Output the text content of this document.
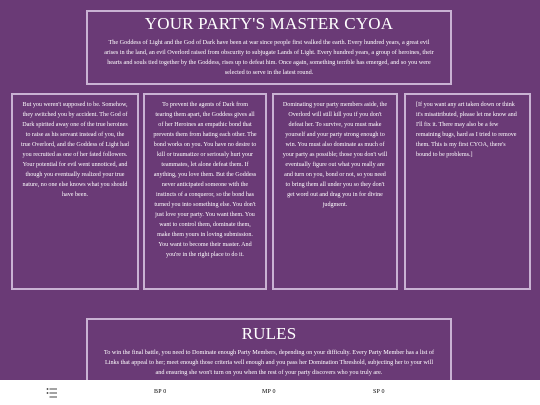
YOUR PARTY'S MASTER CYOA

The Goddess of Light and the God of Dark have been at war since people first walked the earth. Every hundred years, a great evil arises in the land, an evil Overlord raised from obscurity to subjugate Lands of Light. Every hundred years, a group of heroines, their hearts and souls tied together by the Goddess, rises up to defeat him. Once again, something terrible has emerged, and so you were selected to serve in the latest round.

But you weren't supposed to be. Somehow, they switched you by accident. The God of Dark spirited away one of the true heroines to raise as his servant instead of you, the true Overlord, and the Goddess of Light had you recruited as one of her fated followers. Your potential for evil went unnoticed, and though you eventually realized your true nature, no one else knows what you should have been.

To prevent the agents of Dark from tearing them apart, the Goddess gives all of her Heroines an empathic bond that prevents them from hating each other. The bond works on you. You have no desire to kill or traumatize or seriously hurt your teammates, let alone defeat them. If anything, you love them. But the Goddess never anticipated someone with the instincts of a conqueror, so the bond has turned you into something else. You don't just love your party. You want them. You want to control them, dominate them, make them yours in loving submission. You want to become their master. And you're in the right place to do it.

Dominating your party members aside, the Overlord will still kill you if you don't defeat her. To survive, you must make yourself and your party strong enough to win. You must also dominate as much of your party as possible; those you don't will eventually figure out what you really are and turn on you, bond or not, so you need to bring them all under you so they don't get word out and drag you in for divine judgment.

[If you want any art taken down or think it's misattributed, please let me know and I'll fix it. There may also be a few remaining bugs, hard as I tried to remove them. This is my first CYOA, there's bound to be problems.]

RULES

To win the final battle, you need to Dominate enough Party Members, depending on your difficulty. Every Party Member has a list of Links that appeal to her; meet enough those criteria well enough and you pass her Domination Threshold, subjecting her to your will and ensuring she won't turn on you when the rest of your party discovers who you truly are.

BP 0	MP 0	SP 0
